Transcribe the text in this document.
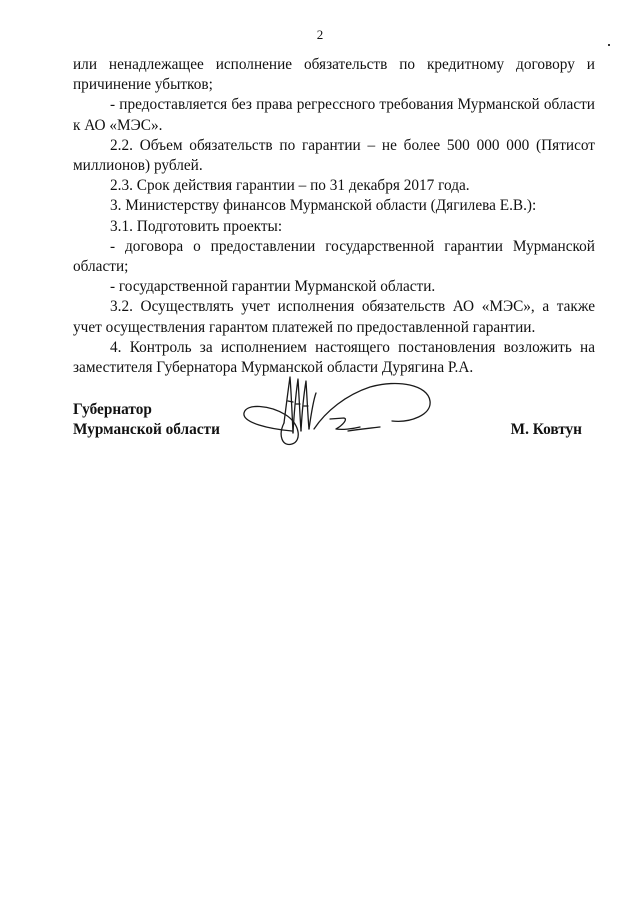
2

или ненадлежащее исполнение обязательств по кредитному договору и причинение убытков;

- предоставляется без права регрессного требования Мурманской области к АО «МЭС».

2.2. Объем обязательств по гарантии – не более 500 000 000 (Пятисот миллионов) рублей.

2.3. Срок действия гарантии – по 31 декабря 2017 года.

3. Министерству финансов Мурманской области (Дягилева Е.В.):

3.1. Подготовить проекты:

- договора о предоставлении государственной гарантии Мурманской области;

- государственной гарантии Мурманской области.

3.2. Осуществлять учет исполнения обязательств АО «МЭС», а также учет осуществления гарантом платежей по предоставленной гарантии.

4. Контроль за исполнением настоящего постановления возложить на заместителя Губернатора Мурманской области Дурягина Р.А.

Губернатор
Мурманской области	М. Ковтун
